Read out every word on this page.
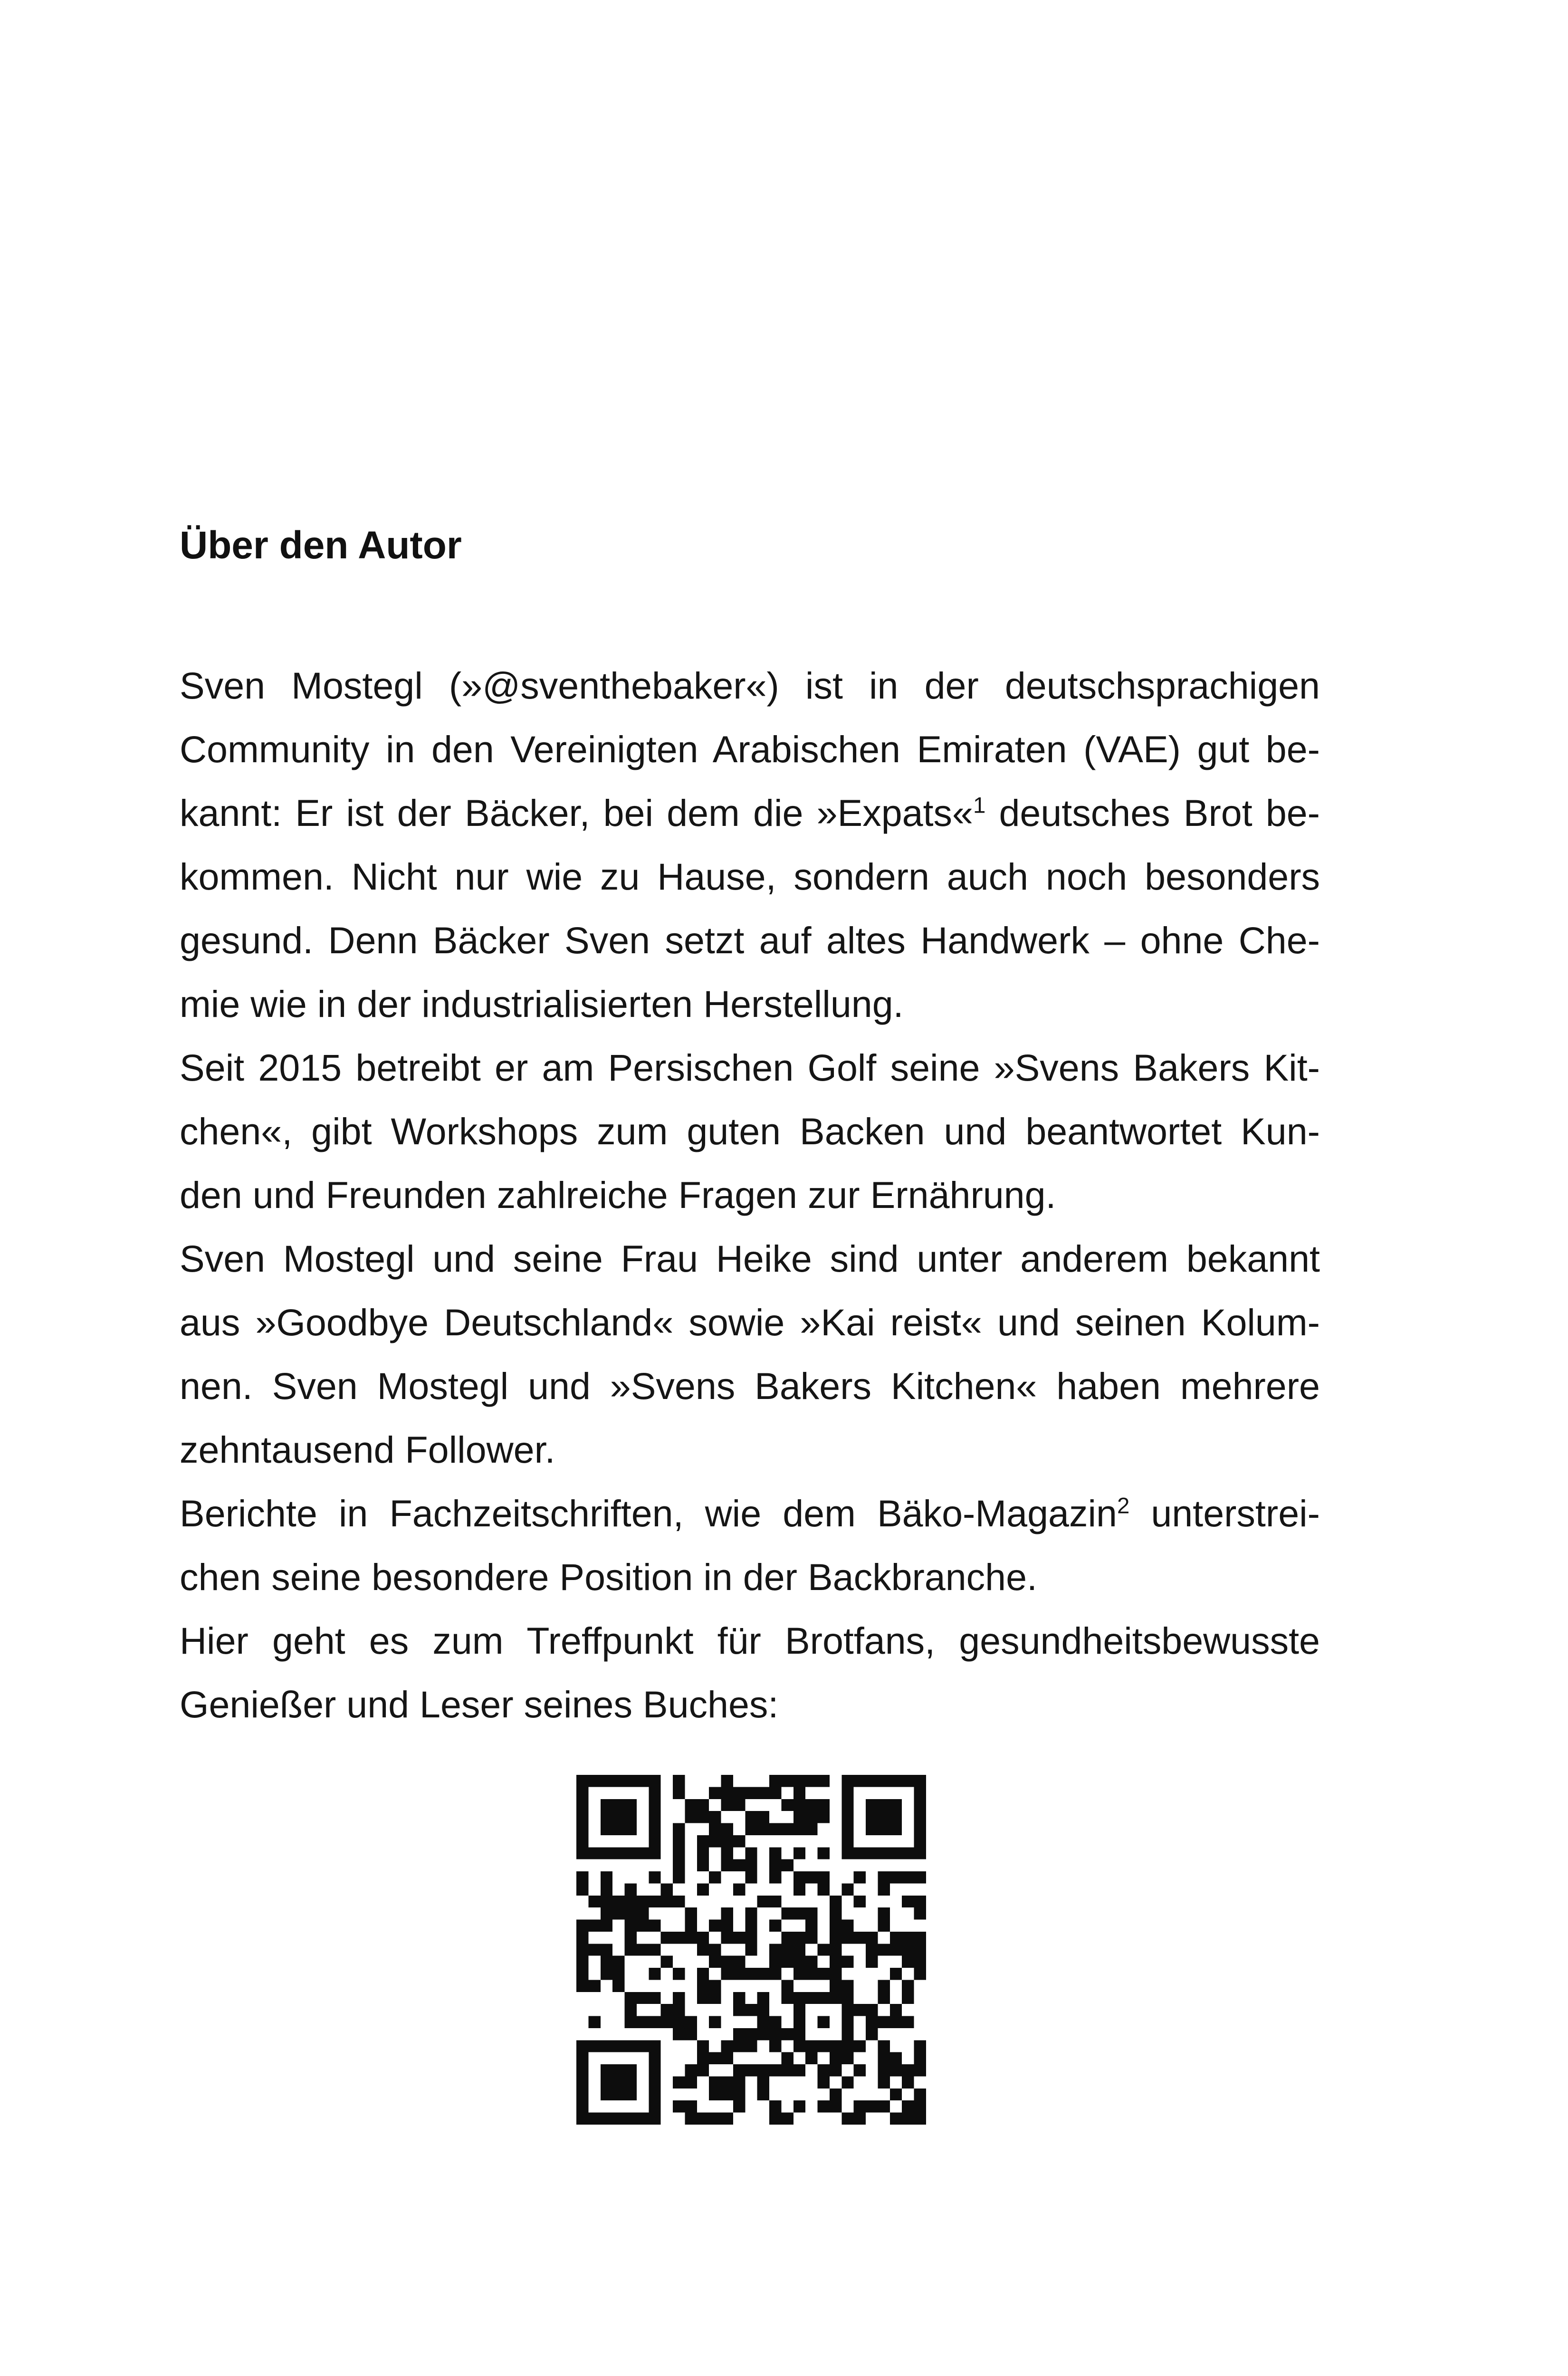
Über den Autor
Sven Mostegl (»@sventhebaker«) ist in der deutschsprachigen
Community in den Vereinigten Arabischen Emiraten (VAE) gut be-
kannt: Er ist der Bäcker, bei dem die »Expats«$^1$ deutsches Brot be-
kommen. Nicht nur wie zu Hause, sondern auch noch besonders
gesund. Denn Bäcker Sven setzt auf altes Handwerk – ohne Che-
mie wie in der industrialisierten Herstellung.
Seit 2015 betreibt er am Persischen Golf seine »Svens Bakers Kit-
chen«, gibt Workshops zum guten Backen und beantwortet Kun-
den und Freunden zahlreiche Fragen zur Ernährung.
Sven Mostegl und seine Frau Heike sind unter anderem bekannt
aus »Goodbye Deutschland« sowie »Kai reist« und seinen Kolum-
nen. Sven Mostegl und »Svens Bakers Kitchen« haben mehrere
zehntausend Follower.
Berichte in Fachzeitschriften, wie dem Bäko-Magazin$^2$ unterstrei-
chen seine besondere Position in der Backbranche.
Hier geht es zum Treffpunkt für Brotfans, gesundheitsbewusste
Genießer und Leser seines Buches:
